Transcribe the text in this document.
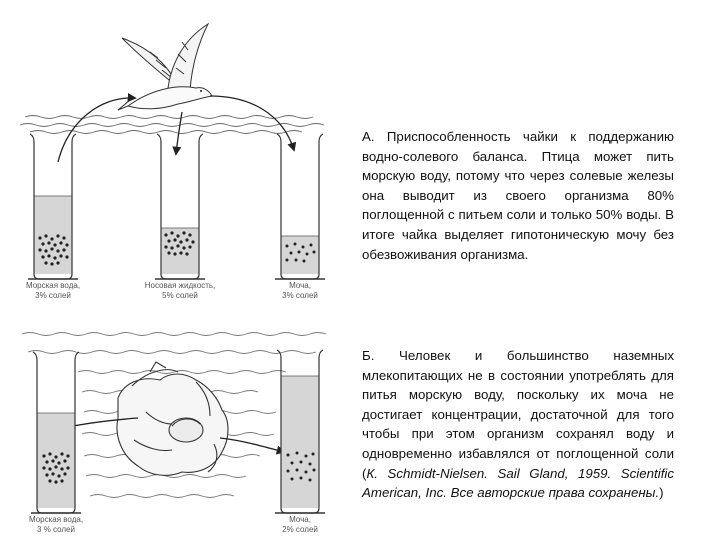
Морская вода,
3% солей
Носовая жидкость,
5% солей
Моча,
3% солей
Морская вода,
3 % солей
Моча,
2% солей
А. Приспособленность чайки к поддержанию водно-солевого баланса. Птица может пить морскую воду, потому что через солевые железы она выводит из своего организма 80% поглощенной с питьем соли и только 50% воды. В итоге чайка выделяет гипотоническую мочу без обезвоживания организма.
Б. Человек и большинство наземных млекопитающих не в состоянии употреблять для питья морскую воду, поскольку их моча не достигает концентрации, достаточной для того чтобы при этом организм сохранял воду и одновременно избавлялся от поглощенной соли (К. Schmidt-Nielsen. Sail Gland, 1959. Scientific American, Inc. Все авторские права сохранены.)
